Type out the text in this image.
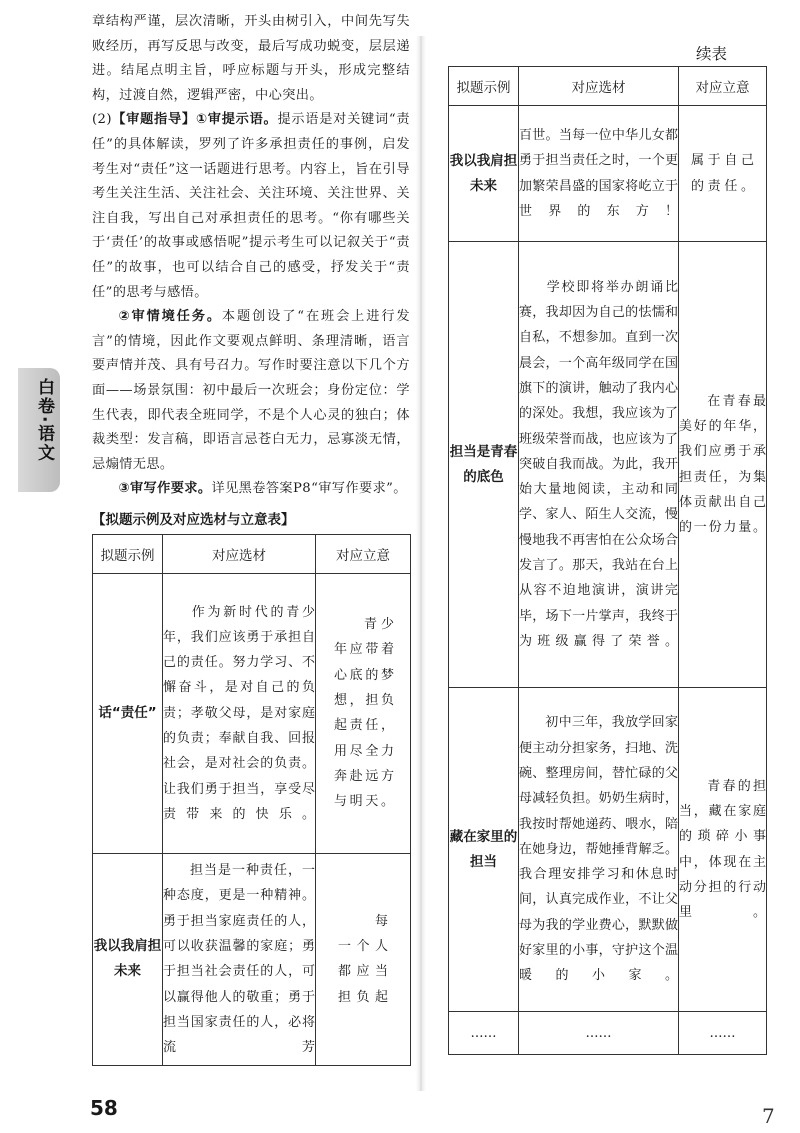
章结构严谨，层次清晰，开头由树引入，中间先写失败经历，再写反思与改变，最后写成功蜕变，层层递进。结尾点明主旨，呼应标题与开头，形成完整结构，过渡自然，逻辑严密，中心突出。

(2)【审题指导】①审提示语。提示语是对关键词“责任”的具体解读，罗列了许多承担责任的事例，启发考生对“责任”这一话题进行思考。内容上，旨在引导考生关注生活、关注社会、关注环境、关注世界、关注自我，写出自己对承担责任的思考。“你有哪些关于‘责任’的故事或感悟呢”提示考生可以记叙关于“责任”的故事，也可以结合自己的感受，抒发关于“责任”的思考与感悟。

②审情境任务。本题创设了“在班会上进行发言”的情境，因此作文要观点鲜明、条理清晰，语言要声情并茂、具有号召力。写作时要注意以下几个方面——场景氛围：初中最后一次班会；身份定位：学生代表，即代表全班同学，不是个人心灵的独白；体裁类型：发言稿，即语言忌苍白无力，忌寡淡无情，忌煽情无思。

③审写作要求。详见黑卷答案P8“审写作要求”。

【拟题示例及对应选材与立意表】
拟题示例	对应选材	对应立意
话“责任”	作为新时代的青少年，我们应该勇于承担自己的责任。努力学习、不懈奋斗，是对自己的负责；孝敬父母，是对家庭的负责；奉献自我、回报社会，是对社会的负责。让我们勇于担当，享受尽责带来的快乐。	青少年应带着心底的梦想，担负起责任，用尽全力奔赴远方与明天。
我以我肩担未来	担当是一种责任，一种态度，更是一种精神。勇于担当家庭责任的人，可以收获温馨的家庭；勇于担当社会责任的人，可以赢得他人的敬重；勇于担当国家责任的人，必将流芳	每一个人都应当担负起
白卷·语文
续表
拟题示例	对应选材	对应立意
我以我肩担未来	百世。当每一位中华儿女都勇于担当责任之时，一个更加繁荣昌盛的国家将屹立于世界的东方！	属于自己的责任。
担当是青春的底色	学校即将举办朗诵比赛，我却因为自己的怯懦和自私，不想参加。直到一次晨会，一个高年级同学在国旗下的演讲，触动了我内心的深处。我想，我应该为了班级荣誉而战，也应该为了突破自我而战。为此，我开始大量地阅读，主动和同学、家人、陌生人交流，慢慢地我不再害怕在公众场合发言了。那天，我站在台上从容不迫地演讲，演讲完毕，场下一片掌声，我终于为班级赢得了荣誉。	在青春最美好的年华，我们应勇于承担责任，为集体贡献出自己的一份力量。
藏在家里的担当	初中三年，我放学回家便主动分担家务，扫地、洗碗、整理房间，替忙碌的父母减轻负担。奶奶生病时，我按时帮她递药、喂水，陪在她身边，帮她捶背解乏。我合理安排学习和休息时间，认真完成作业，不让父母为我的学业费心，默默做好家里的小事，守护这个温暖的小家。	青春的担当，藏在家庭的琐碎小事中，体现在主动分担的行动里。
……	……	……
58	7
